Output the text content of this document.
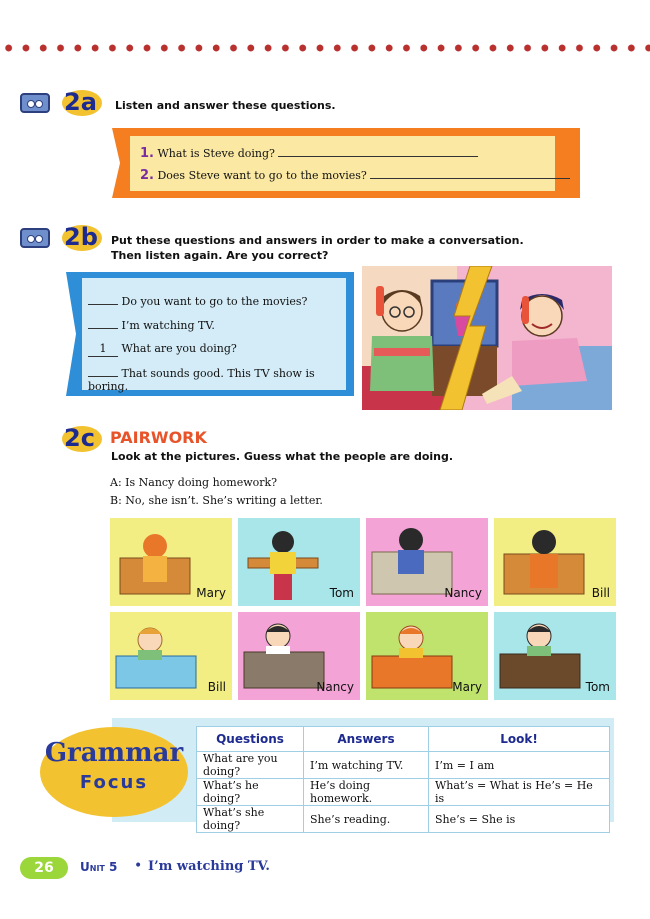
2a Listen and answer these questions.
1. What is Steve doing?
2. Does Steve want to go to the movies?
2b Put these questions and answers in order to make a conversation.
Then listen again. Are you correct?
Do you want to go to the movies?
I’m watching TV.
1 What are you doing?
That sounds good. This TV show is boring.
2c PAIRWORK
Look at the pictures. Guess what the people are doing.
A: Is Nancy doing homework?
B: No, she isn’t. She’s writing a letter.
Mary	Tom	Nancy	Bill
Bill	Nancy	Mary	Tom
Grammar
Focus
Questions	Answers	Look!
What are you doing?	I’m watching TV.	I’m = I am
What’s he doing?	He’s doing homework.	What’s = What is He’s = He is
What’s she doing?	She’s reading.	She’s = She is
26	Unit 5 • I’m watching TV.
